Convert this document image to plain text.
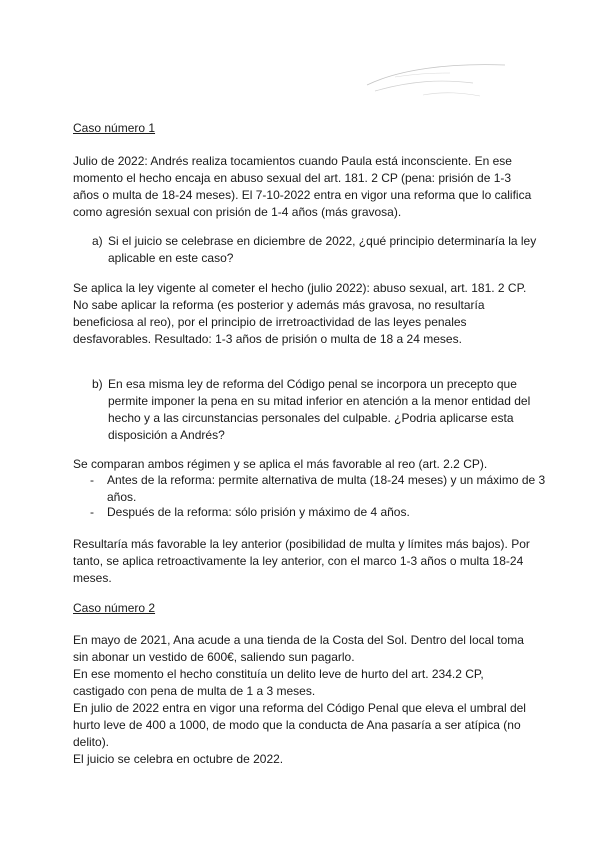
Caso número 1

Julio de 2022: Andrés realiza tocamientos cuando Paula está inconsciente. En ese momento el hecho encaja en abuso sexual del art. 181. 2 CP (pena: prisión de 1-3 años o multa de 18-24 meses). El 7-10-2022 entra en vigor una reforma que lo califica como agresión sexual con prisión de 1-4 años (más gravosa).

a) Si el juicio se celebrase en diciembre de 2022, ¿qué principio determinaría la ley aplicable en este caso?

Se aplica la ley vigente al cometer el hecho (julio 2022): abuso sexual, art. 181. 2 CP. No sabe aplicar la reforma (es posterior y además más gravosa, no resultaría beneficiosa al reo), por el principio de irretroactividad de las leyes penales desfavorables. Resultado: 1-3 años de prisión o multa de 18 a 24 meses.

b) En esa misma ley de reforma del Código penal se incorpora un precepto que permite imponer la pena en su mitad inferior en atención a la menor entidad del hecho y a las circunstancias personales del culpable. ¿Podria aplicarse esta disposición a Andrés?

Se comparan ambos régimen y se aplica el más favorable al reo (art. 2.2 CP).

- Antes de la reforma: permite alternativa de multa (18-24 meses) y un máximo de 3 años.

- Después de la reforma: sólo prisión y máximo de 4 años.

Resultaría más favorable la ley anterior (posibilidad de multa y límites más bajos). Por tanto, se aplica retroactivamente la ley anterior, con el marco 1-3 años o multa 18-24 meses.

Caso número 2

En mayo de 2021, Ana acude a una tienda de la Costa del Sol. Dentro del local toma sin abonar un vestido de 600€, saliendo sun pagarlo.
En ese momento el hecho constituía un delito leve de hurto del art. 234.2 CP, castigado con pena de multa de 1 a 3 meses.
En julio de 2022 entra en vigor una reforma del Código Penal que eleva el umbral del hurto leve de 400 a 1000, de modo que la conducta de Ana pasaría a ser atípica (no delito).
El juicio se celebra en octubre de 2022.
